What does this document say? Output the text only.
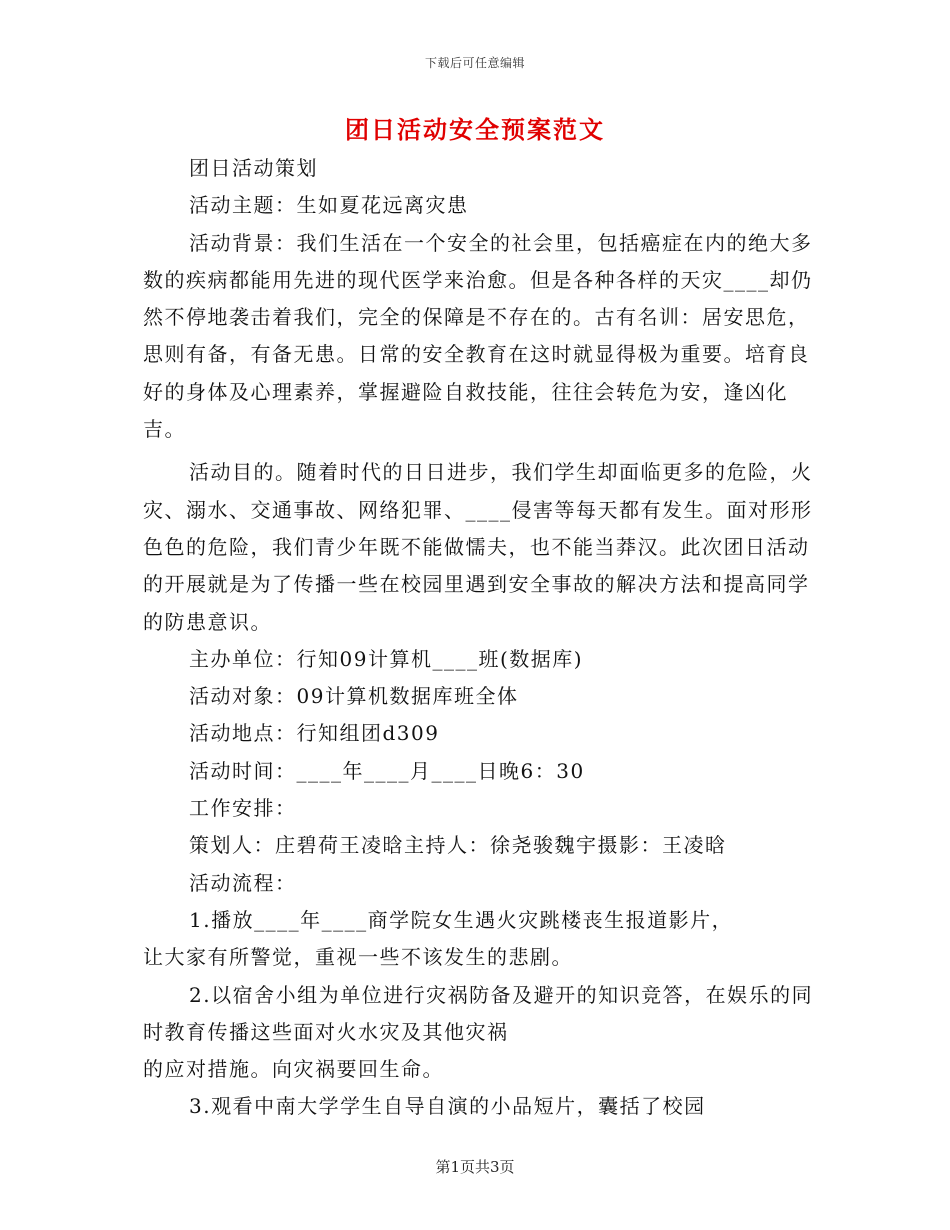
下载后可任意编辑
团日活动安全预案范文

团日活动策划

活动主题：生如夏花远离灾患

活动背景：我们生活在一个安全的社会里，包括癌症在内的绝大多数的疾病都能用先进的现代医学来治愈。但是各种各样的天灾____却仍然不停地袭击着我们，完全的保障是不存在的。古有名训：居安思危，思则有备，有备无患。日常的安全教育在这时就显得极为重要。培育良好的身体及心理素养，掌握避险自救技能，往往会转危为安，逢凶化吉。

活动目的。随着时代的日日进步，我们学生却面临更多的危险，火灾、溺水、交通事故、网络犯罪、____侵害等每天都有发生。面对形形色色的危险，我们青少年既不能做懦夫，也不能当莽汉。此次团日活动的开展就是为了传播一些在校园里遇到安全事故的解决方法和提高同学的防患意识。

主办单位：行知09计算机____班(数据库)

活动对象：09计算机数据库班全体

活动地点：行知组团d309

活动时间：____年____月____日晚6：30

工作安排：

策划人：庄碧荷王凌晗主持人：徐尧骏魏宇摄影：王凌晗

活动流程：

1.播放____年____商学院女生遇火灾跳楼丧生报道影片，

让大家有所警觉，重视一些不该发生的悲剧。

2.以宿舍小组为单位进行灾祸防备及避开的知识竞答，在娱乐的同时教育传播这些面对火水灾及其他灾祸

的应对措施。向灾祸要回生命。

3.观看中南大学学生自导自演的小品短片，囊括了校园

第1页共3页
